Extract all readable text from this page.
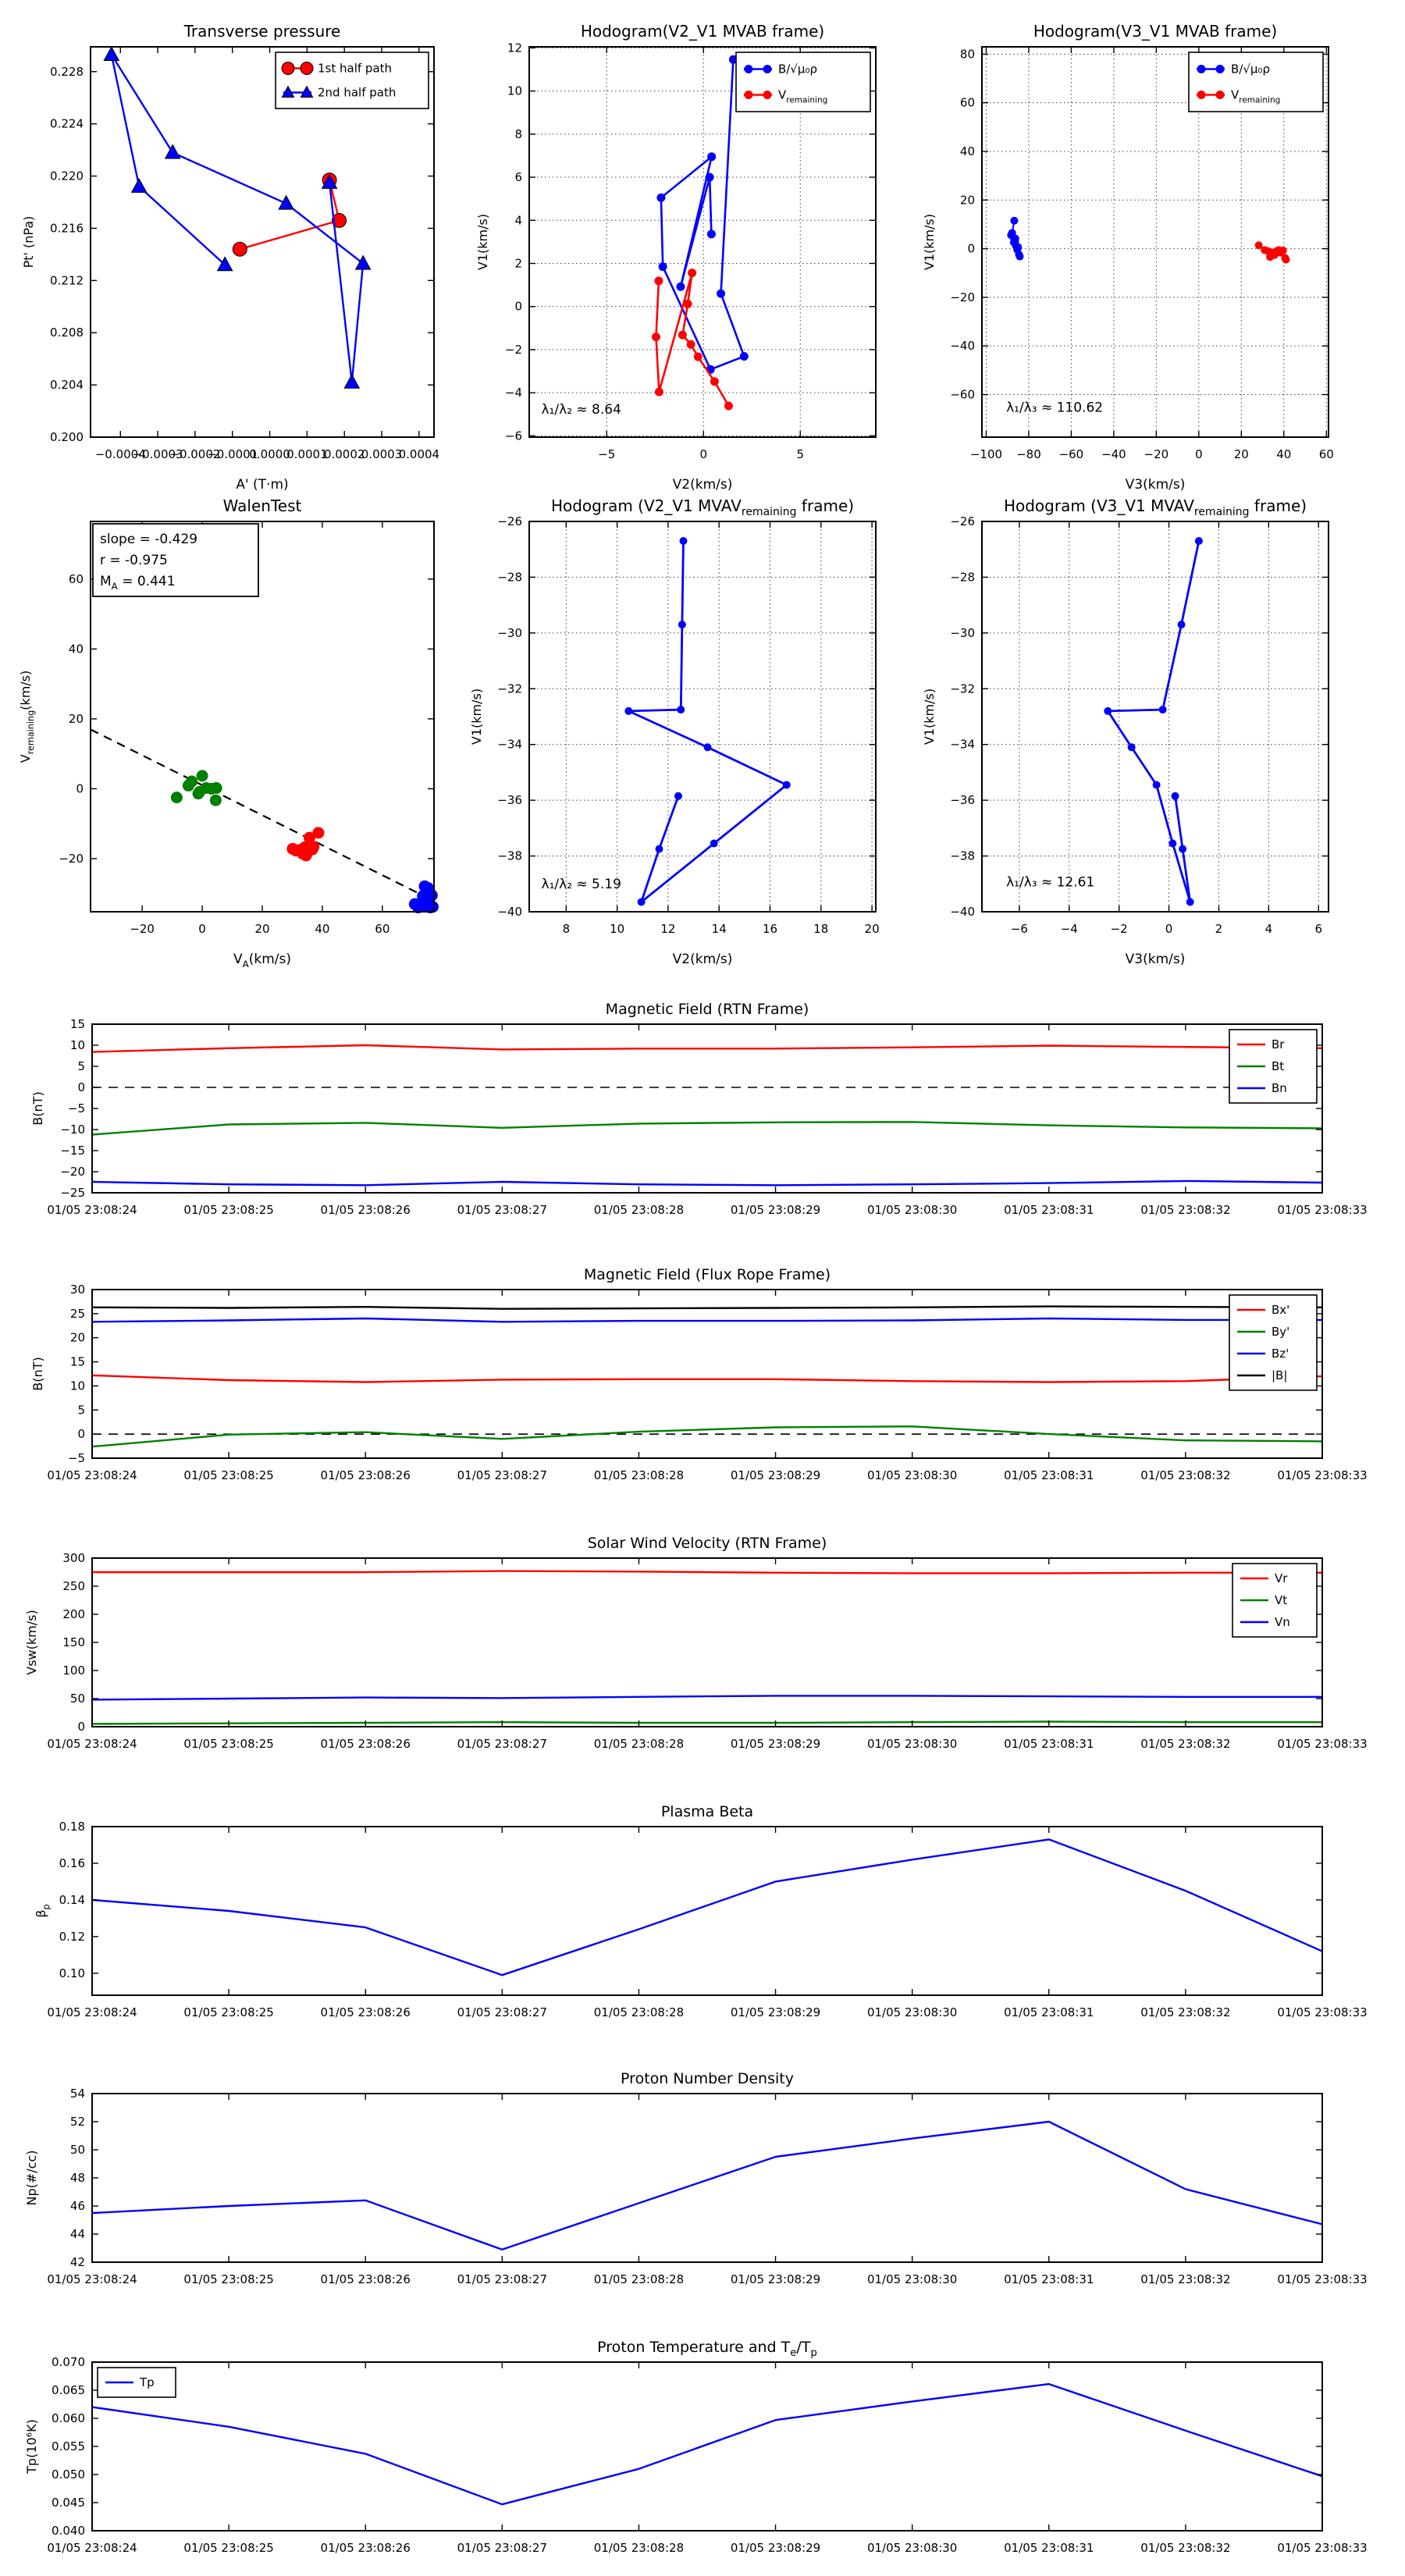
−0.0004
−0.0003
−0.0002
−0.0001
0.0000
0.0001
0.0002
0.0003
0.0004
0.200
0.204
0.208
0.212
0.216
0.220
0.224
0.228
Transverse pressure
A' (T·m)
Pt' (nPa)
1st half path
2nd half path
−5	0	5
−6
−4
−2
0
2
4
6
8
10
12
Hodogram(V2_V1 MVAB frame)
V2(km/s)
V1(km/s)
B/√μ₀ρ
$V_{remaining}$
λ₁/λ₂ ≈ 8.64
−100 −80 −60 −40 −20 0	20 40 60
−60
−40
−20
0
20
40
60
80
Hodogram(V3_V1 MVAB frame)
V3(km/s)
V1(km/s)
B/√μ₀ρ
$V_{remaining}$
λ₁/λ₃ ≈ 110.62
−20	0	20	40	60
−20
0
20
40
60
WalenTest
$V_A(km/s)$
$V_{remaining}(km/s)$
slope = -0.429
r = -0.975
$M_A = 0.441$
8	10	12	14	16	18	20
−40
−38
−36
−34
−32
−30
−28
−26
Hodogram (V2_V1 $MVAV_{remaining}$ frame)
V2(km/s)
V1(km/s)
λ₁/λ₂ ≈ 5.19
−6	−4	−2	0	2	4	6
−40
−38
−36
−34
−32
−30
−28
−26
Hodogram (V3_V1 $MVAV_{remaining}$ frame)
V3(km/s)
V1(km/s)
λ₁/λ₃ ≈ 12.61
01/05 23:08:24	01/05 23:08:25	01/05 23:08:26	01/05 23:08:27	01/05 23:08:28	01/05 23:08:29	01/05 23:08:30	01/05 23:08:31	01/05 23:08:32	01/05 23:08:33
−25
−20
−15
−10
−5
0
5
10
15
Magnetic Field (RTN Frame)
B(nT)
Br
Bt
Bn
01/05 23:08:24	01/05 23:08:25	01/05 23:08:26	01/05 23:08:27	01/05 23:08:28	01/05 23:08:29	01/05 23:08:30	01/05 23:08:31	01/05 23:08:32	01/05 23:08:33
−5
0
5
10
15
20
25
30
Magnetic Field (Flux Rope Frame)
B(nT)
Bx'
By'
Bz'
|B|
01/05 23:08:24	01/05 23:08:25	01/05 23:08:26	01/05 23:08:27	01/05 23:08:28	01/05 23:08:29	01/05 23:08:30	01/05 23:08:31	01/05 23:08:32	01/05 23:08:33
0
50
100
150
200
250
300
Solar Wind Velocity (RTN Frame)
Vsw(km/s)
Vr
Vt
Vn
01/05 23:08:24	01/05 23:08:25	01/05 23:08:26	01/05 23:08:27	01/05 23:08:28	01/05 23:08:29	01/05 23:08:30	01/05 23:08:31	01/05 23:08:32	01/05 23:08:33
0.10
0.12
0.14
0.16
0.18
Plasma Beta
$\beta_p$
01/05 23:08:24	01/05 23:08:25	01/05 23:08:26	01/05 23:08:27	01/05 23:08:28	01/05 23:08:29	01/05 23:08:30	01/05 23:08:31	01/05 23:08:32	01/05 23:08:33
42
44
46
48
50
52
54
Proton Number Density
Np(#/cc)
01/05 23:08:24	01/05 23:08:25	01/05 23:08:26	01/05 23:08:27	01/05 23:08:28	01/05 23:08:29	01/05 23:08:30	01/05 23:08:31	01/05 23:08:32	01/05 23:08:33
0.040
0.045
0.050
0.055
0.060
0.065
0.070
Proton Temperature and $T_e/T_p$
Tp(10⁶K)
Tp
